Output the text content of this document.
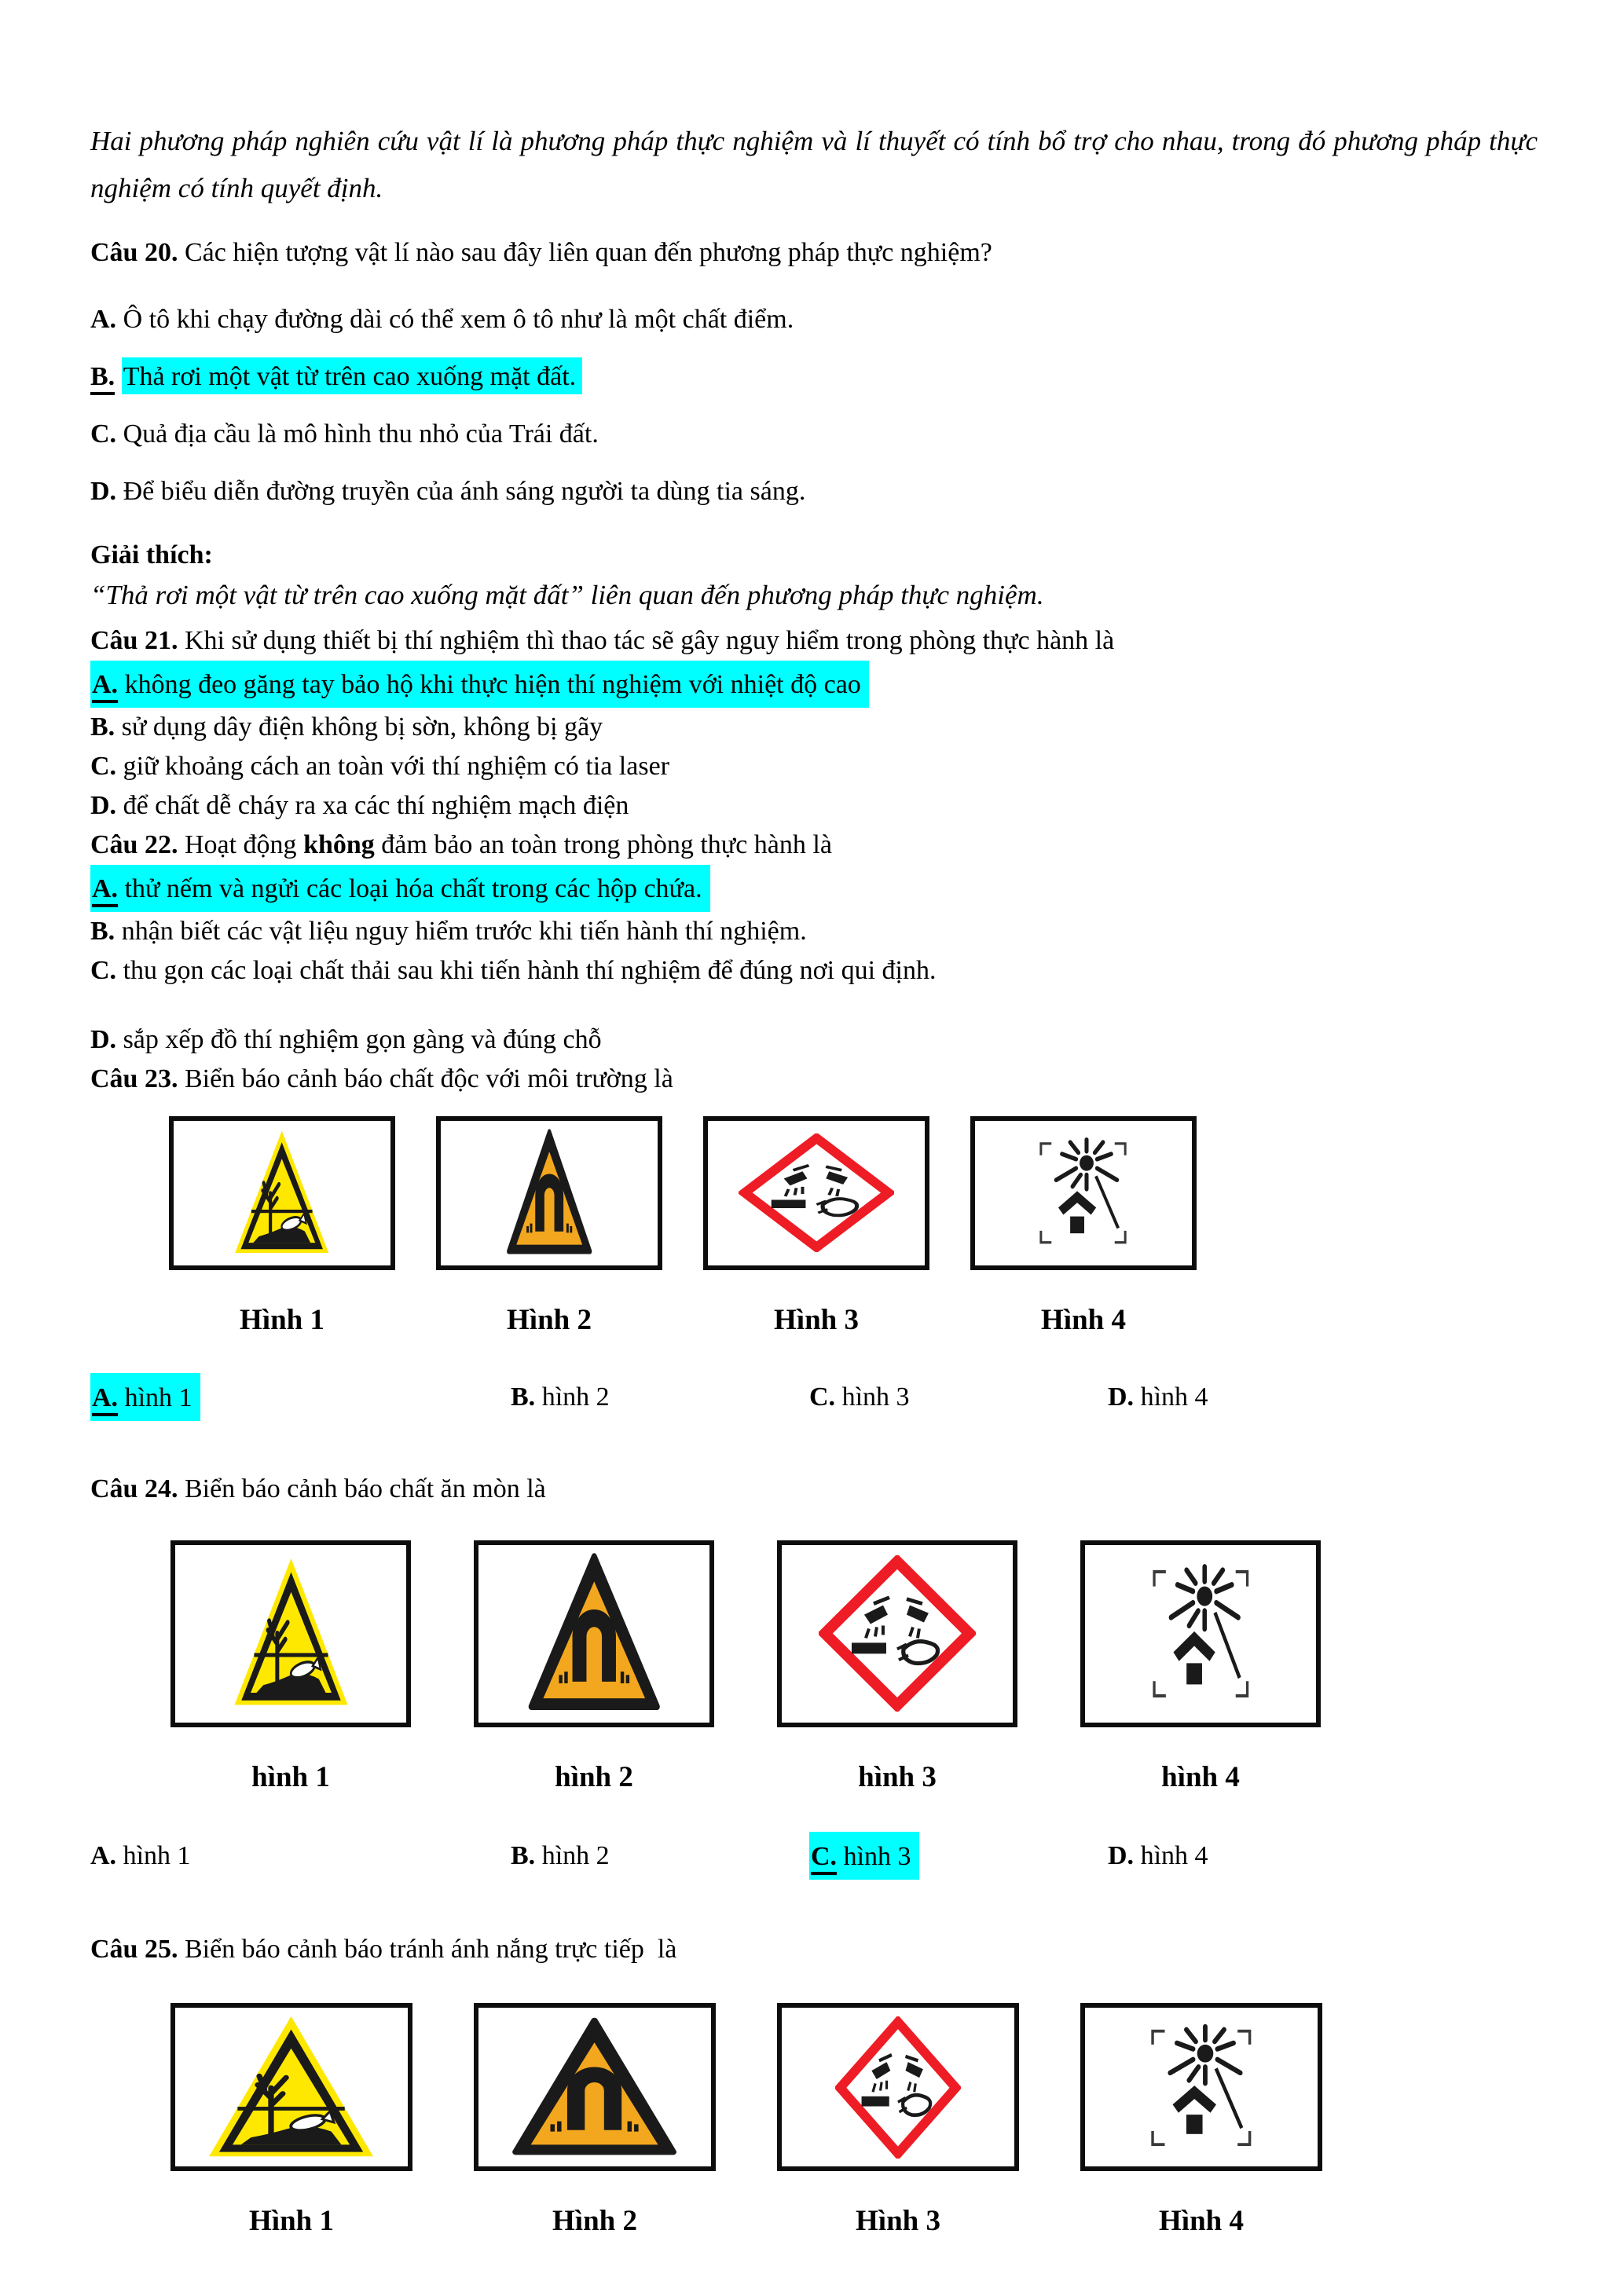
Hai phương pháp nghiên cứu vật lí là phương pháp thực nghiệm và lí thuyết có tính bổ trợ cho nhau, trong đó phương pháp thực nghiệm có tính quyết định.

Câu 20. Các hiện tượng vật lí nào sau đây liên quan đến phương pháp thực nghiệm?

A. Ô tô khi chạy đường dài có thể xem ô tô như là một chất điểm.

B. Thả rơi một vật từ trên cao xuống mặt đất.

C. Quả địa cầu là mô hình thu nhỏ của Trái đất.

D. Để biểu diễn đường truyền của ánh sáng người ta dùng tia sáng.

Giải thích:

“Thả rơi một vật từ trên cao xuống mặt đất” liên quan đến phương pháp thực nghiệm.

Câu 21. Khi sử dụng thiết bị thí nghiệm thì thao tác sẽ gây nguy hiểm trong phòng thực hành là

A. không đeo găng tay bảo hộ khi thực hiện thí nghiệm với nhiệt độ cao

B. sử dụng dây điện không bị sờn, không bị gãy

C. giữ khoảng cách an toàn với thí nghiệm có tia laser

D. để chất dễ cháy ra xa các thí nghiệm mạch điện

Câu 22. Hoạt động không đảm bảo an toàn trong phòng thực hành là

A. thử nếm và ngửi các loại hóa chất trong các hộp chứa.

B. nhận biết các vật liệu nguy hiểm trước khi tiến hành thí nghiệm.

C. thu gọn các loại chất thải sau khi tiến hành thí nghiệm để đúng nơi qui định.

D. sắp xếp đồ thí nghiệm gọn gàng và đúng chỗ

Câu 23. Biển báo cảnh báo chất độc với môi trường là

Hình 1	Hình 2	Hình 3	Hình 4
A. hình 1	B. hình 2	C. hình 3	D. hình 4

Câu 24. Biển báo cảnh báo chất ăn mòn là

hình 1	hình 2	hình 3	hình 4
A. hình 1	B. hình 2	C. hình 3	D. hình 4

Câu 25. Biển báo cảnh báo tránh ánh nắng trực tiếp  là

Hình 1	Hình 2	Hình 3	Hình 4
